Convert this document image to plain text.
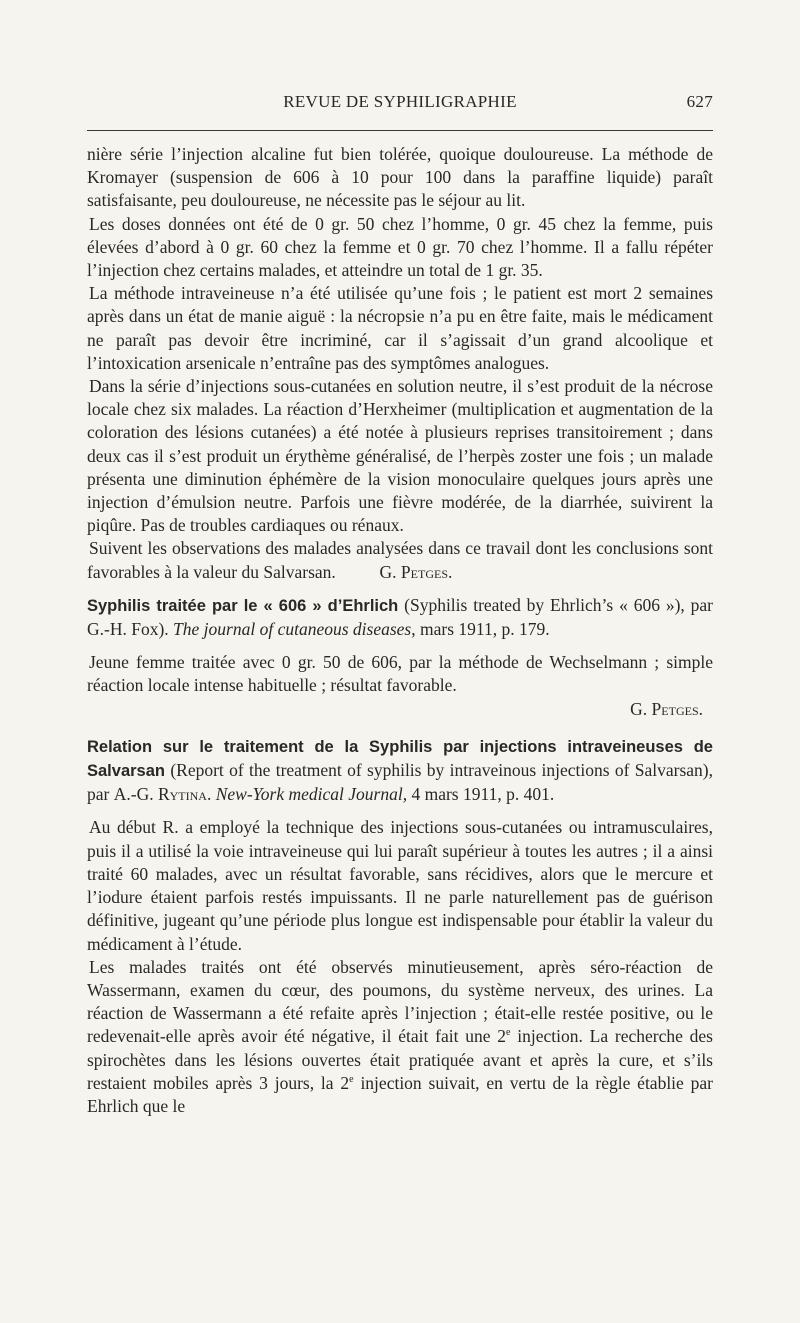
REVUE DE SYPHILIGRAPHIE	627

nière série l’injection alcaline fut bien tolérée, quoique douloureuse. La méthode de Kromayer (suspension de 606 à 10 pour 100 dans la paraffine liquide) paraît satisfaisante, peu douloureuse, ne nécessite pas le séjour au lit.

Les doses données ont été de 0 gr. 50 chez l’homme, 0 gr. 45 chez la femme, puis élevées d’abord à 0 gr. 60 chez la femme et 0 gr. 70 chez l’homme. Il a fallu répéter l’injection chez certains malades, et atteindre un total de 1 gr. 35.

La méthode intraveineuse n’a été utilisée qu’une fois ; le patient est mort 2 semaines après dans un état de manie aiguë : la nécropsie n’a pu en être faite, mais le médicament ne paraît pas devoir être incriminé, car il s’agissait d’un grand alcoolique et l’intoxication arsenicale n’entraîne pas des symptômes analogues.

Dans la série d’injections sous-cutanées en solution neutre, il s’est produit de la nécrose locale chez six malades. La réaction d’Herxheimer (multiplication et augmentation de la coloration des lésions cutanées) a été notée à plusieurs reprises transitoirement ; dans deux cas il s’est produit un érythème généralisé, de l’herpès zoster une fois ; un malade présenta une diminution éphémère de la vision monoculaire quelques jours après une injection d’émulsion neutre. Parfois une fièvre modérée, de la diarrhée, suivirent la piqûre. Pas de troubles cardiaques ou rénaux.

Suivent les observations des malades analysées dans ce travail dont les conclusions sont favorables à la valeur du Salvarsan.	G. Petges.

Syphilis traitée par le « 606 » d’Ehrlich (Syphilis treated by Ehrlich’s « 606 »), par G.-H. Fox). The journal of cutaneous diseases, mars 1911, p. 179.

Jeune femme traitée avec 0 gr. 50 de 606, par la méthode de Wechselmann ; simple réaction locale intense habituelle ; résultat favorable.

G. Petges.

Relation sur le traitement de la Syphilis par injections intraveineuses de Salvarsan (Report of the treatment of syphilis by intraveinous injections of Salvarsan), par A.-G. Rytina. New-York medical Journal, 4 mars 1911, p. 401.

Au début R. a employé la technique des injections sous-cutanées ou intramusculaires, puis il a utilisé la voie intraveineuse qui lui paraît supérieur à toutes les autres ; il a ainsi traité 60 malades, avec un résultat favorable, sans récidives, alors que le mercure et l’iodure étaient parfois restés impuissants. Il ne parle naturellement pas de guérison définitive, jugeant qu’une période plus longue est indispensable pour établir la valeur du médicament à l’étude.

Les malades traités ont été observés minutieusement, après séro-réaction de Wassermann, examen du cœur, des poumons, du système nerveux, des urines. La réaction de Wassermann a été refaite après l’injection ; était-elle restée positive, ou le redevenait-elle après avoir été négative, il était fait une 2e injection. La recherche des spirochètes dans les lésions ouvertes était pratiquée avant et après la cure, et s’ils restaient mobiles après 3 jours, la 2e injection suivait, en vertu de la règle établie par Ehrlich que le
